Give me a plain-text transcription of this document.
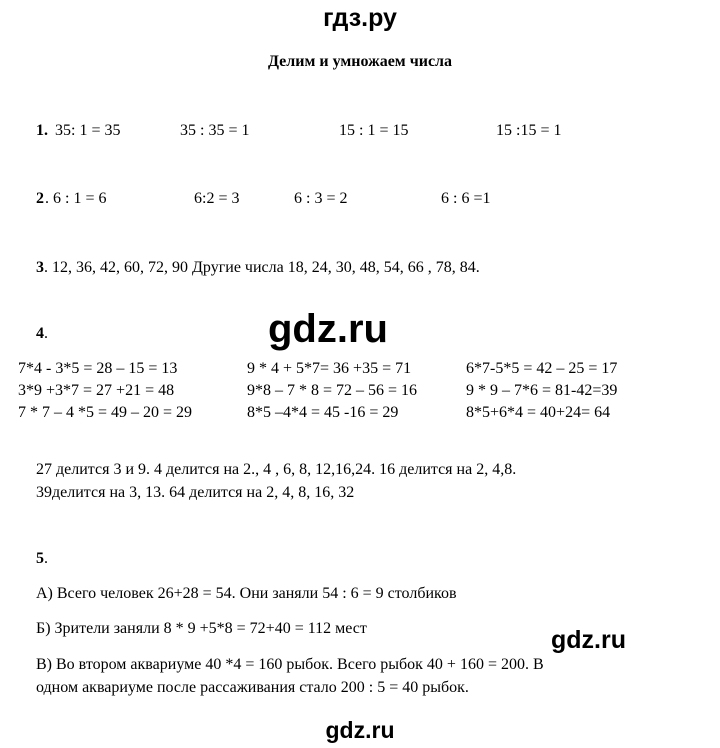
гдз.ру
Делим и умножаем числа
1. 35: 1 = 35	35 : 35 = 1	15 : 1 = 15	15 :15 = 1
2 . 6 : 1 = 6	6:2 = 3	6 : 3 = 2	6 : 6 =1
3. 12, 36, 42, 60, 72, 90 Другие числа 18, 24, 30, 48, 54, 66 , 78, 84.
gdz.ru
4.
7*4 - 3*5 = 28 – 15 = 13	9 * 4 + 5*7= 36 +35 = 71	6*7-5*5 = 42 – 25 = 17
3*9 +3*7 = 27 +21 = 48	9*8 – 7 * 8 = 72 – 56 = 16	9 * 9 – 7*6 = 81-42=39
7 * 7 – 4 *5 = 49 – 20 = 29	8*5 –4*4 = 45 -16 = 29	8*5+6*4 = 40+24= 64
27 делится 3 и 9. 4 делится на 2., 4 , 6, 8, 12,16,24. 16 делится на 2, 4,8.
39делится на 3, 13. 64 делится на 2, 4, 8, 16, 32
5.
А) Всего человек 26+28 = 54. Они заняли 54 : 6 = 9 столбиков
Б) Зрители заняли 8 * 9 +5*8 = 72+40 = 112 мест	gdz.ru
В) Во втором аквариуме 40 *4 = 160 рыбок. Всего рыбок 40 + 160 = 200. В
одном аквариуме после рассаживания стало 200 : 5 = 40 рыбок.
gdz.ru
